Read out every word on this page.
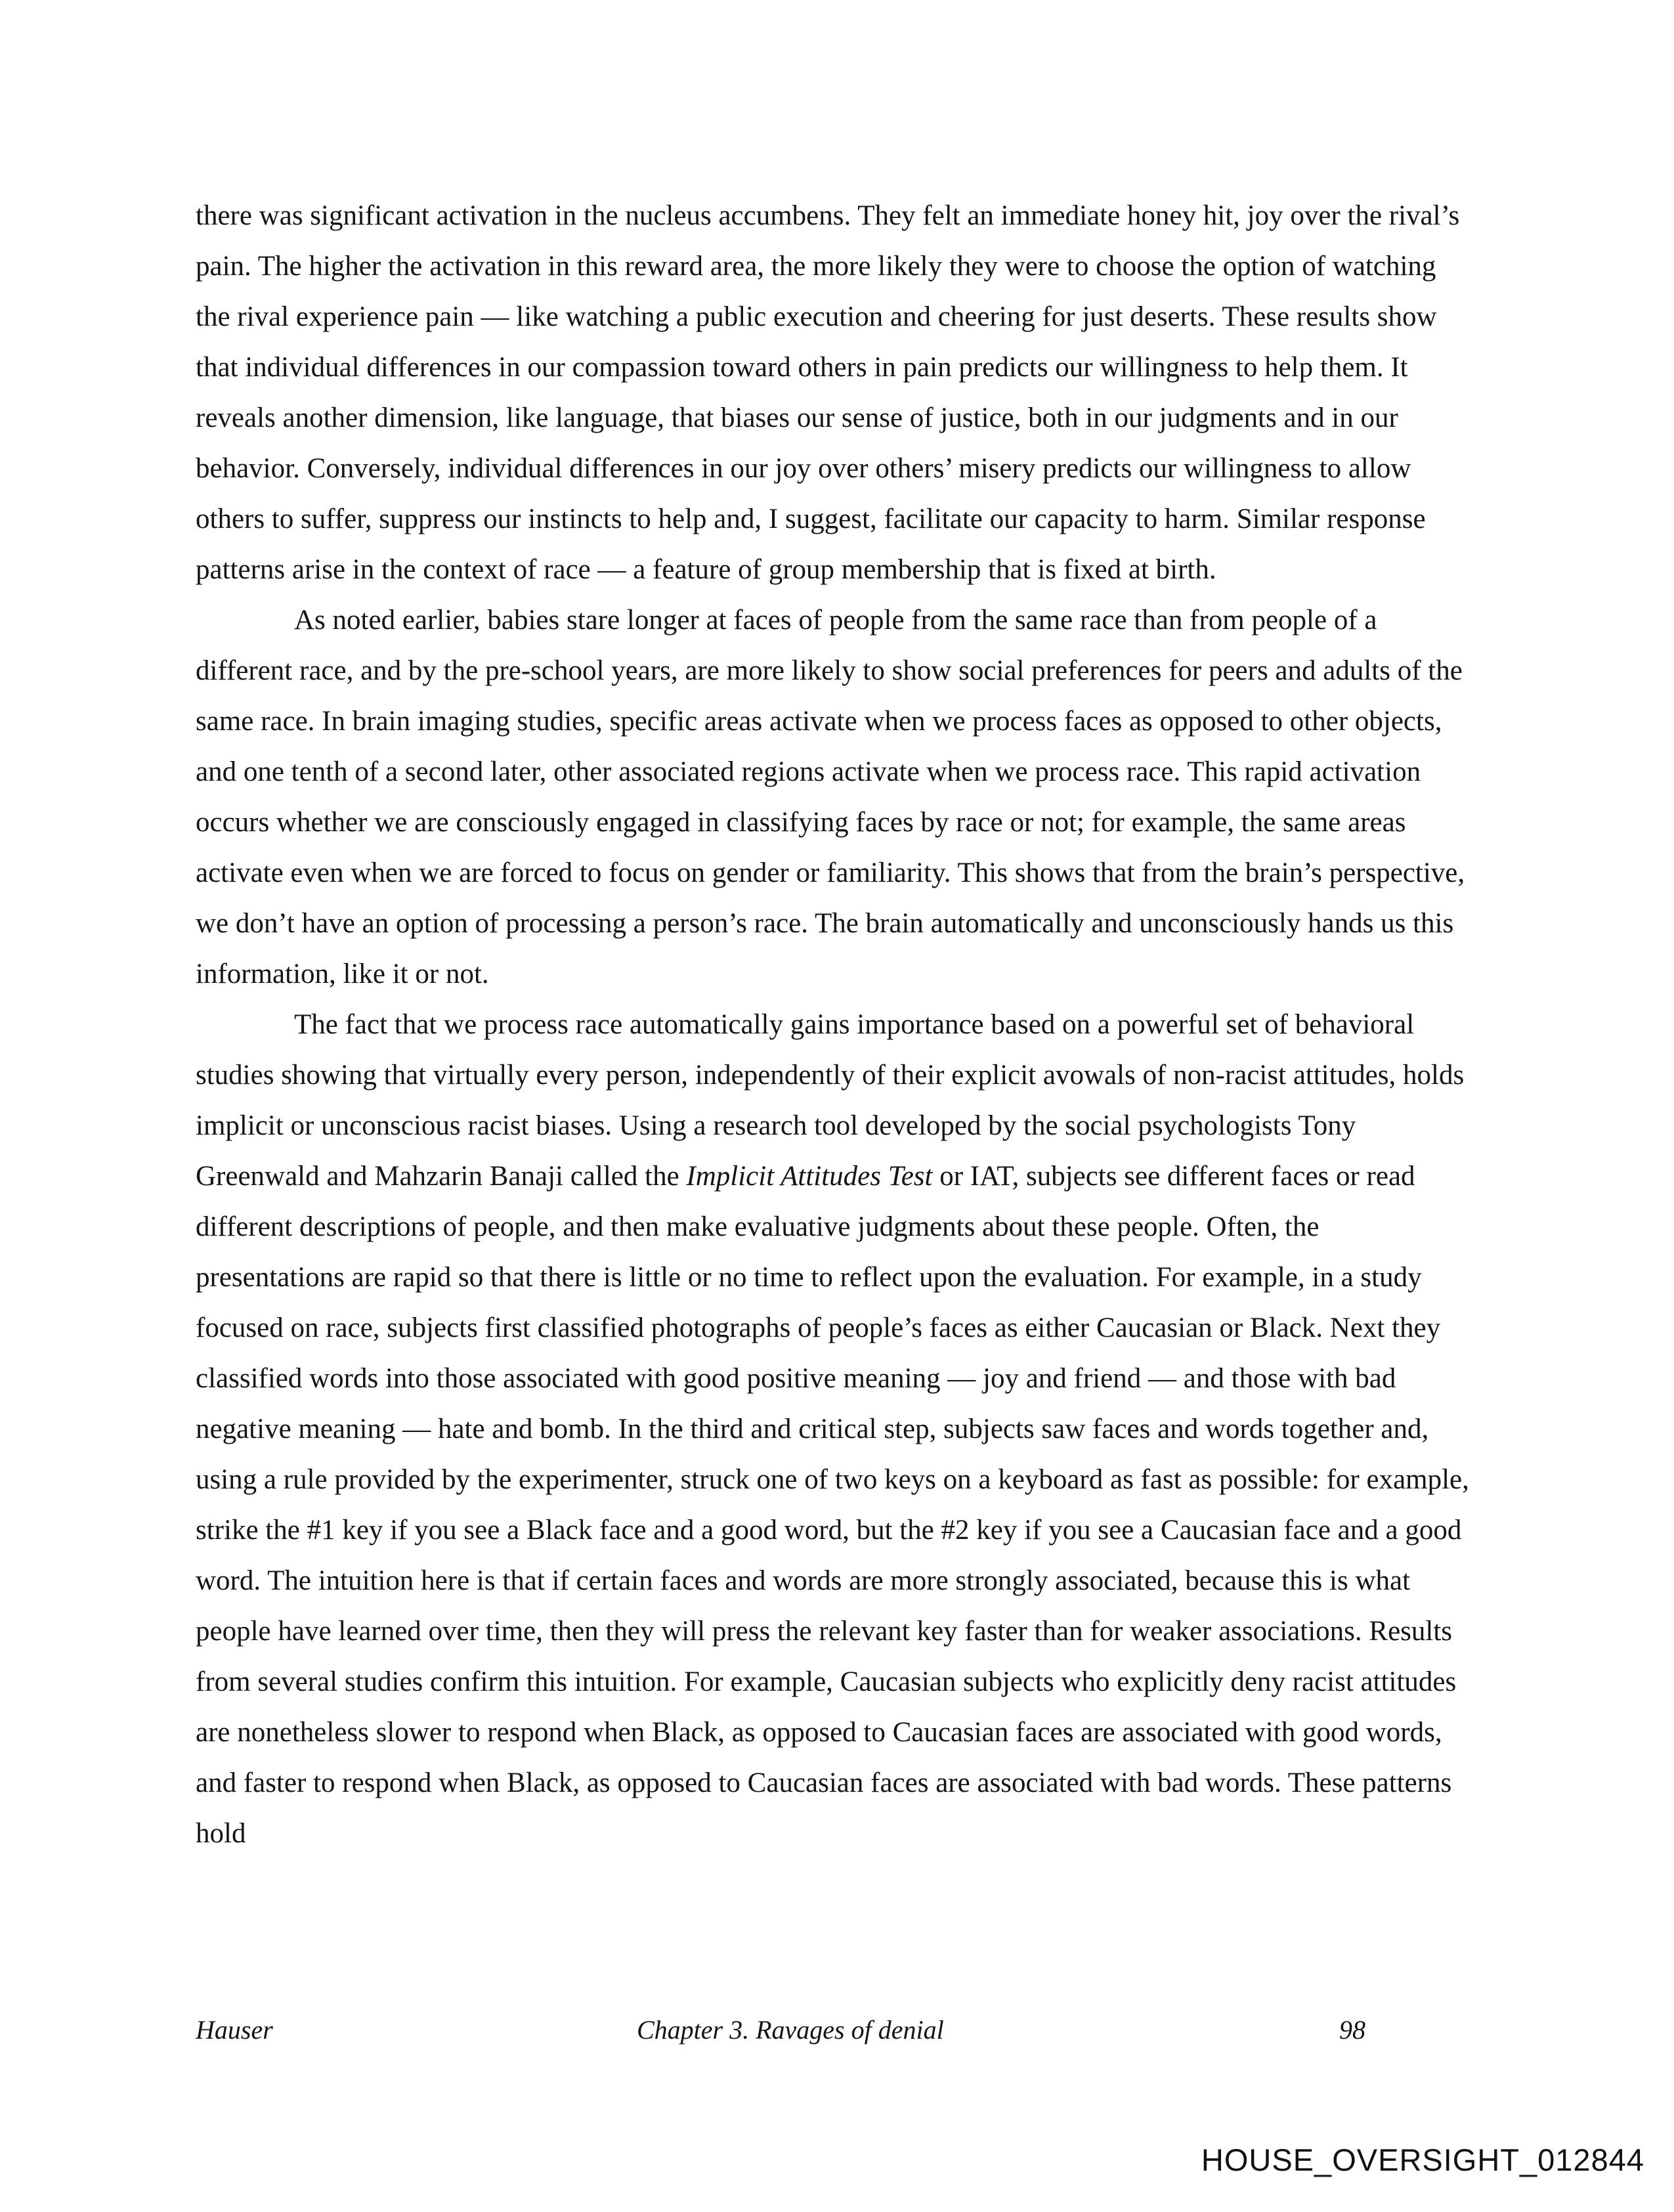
there was significant activation in the nucleus accumbens. They felt an immediate honey hit, joy over the rival’s pain. The higher the activation in this reward area, the more likely they were to choose the option of watching the rival experience pain — like watching a public execution and cheering for just deserts. These results show that individual differences in our compassion toward others in pain predicts our willingness to help them. It reveals another dimension, like language, that biases our sense of justice, both in our judgments and in our behavior. Conversely, individual differences in our joy over others’ misery predicts our willingness to allow others to suffer, suppress our instincts to help and, I suggest, facilitate our capacity to harm. Similar response patterns arise in the context of race — a feature of group membership that is fixed at birth.

As noted earlier, babies stare longer at faces of people from the same race than from people of a different race, and by the pre-school years, are more likely to show social preferences for peers and adults of the same race. In brain imaging studies, specific areas activate when we process faces as opposed to other objects, and one tenth of a second later, other associated regions activate when we process race. This rapid activation occurs whether we are consciously engaged in classifying faces by race or not; for example, the same areas activate even when we are forced to focus on gender or familiarity. This shows that from the brain’s perspective, we don’t have an option of processing a person’s race. The brain automatically and unconsciously hands us this information, like it or not.

The fact that we process race automatically gains importance based on a powerful set of behavioral studies showing that virtually every person, independently of their explicit avowals of non-racist attitudes, holds implicit or unconscious racist biases. Using a research tool developed by the social psychologists Tony Greenwald and Mahzarin Banaji called the Implicit Attitudes Test or IAT, subjects see different faces or read different descriptions of people, and then make evaluative judgments about these people. Often, the presentations are rapid so that there is little or no time to reflect upon the evaluation. For example, in a study focused on race, subjects first classified photographs of people’s faces as either Caucasian or Black. Next they classified words into those associated with good positive meaning — joy and friend — and those with bad negative meaning — hate and bomb. In the third and critical step, subjects saw faces and words together and, using a rule provided by the experimenter, struck one of two keys on a keyboard as fast as possible: for example, strike the #1 key if you see a Black face and a good word, but the #2 key if you see a Caucasian face and a good word. The intuition here is that if certain faces and words are more strongly associated, because this is what people have learned over time, then they will press the relevant key faster than for weaker associations. Results from several studies confirm this intuition. For example, Caucasian subjects who explicitly deny racist attitudes are nonetheless slower to respond when Black, as opposed to Caucasian faces are associated with good words, and faster to respond when Black, as opposed to Caucasian faces are associated with bad words. These patterns hold

Hauser	Chapter 3. Ravages of denial	98
HOUSE_OVERSIGHT_012844
